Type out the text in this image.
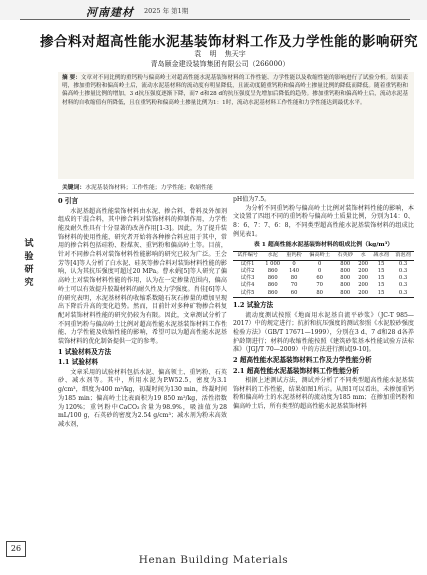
河南建材 2025 年 第1期
掺合料对超高性能水泥基装饰材料工作及力学性能的影响研究
袁 明 焦天宇
青岛颐金建设装饰集团有限公司（266000）
摘 要：文章对不同比例的重钙粉与偏高岭土对超高性能水泥基装饰材料的工作性能、力学性能以及收缩性能的影响进行了试验分析。结果表明，掺加重钙粉和偏高岭土后，流动水泥基材料的流动度有明显降低，且流动度随重钙粉和偏高岭土掺量比例的降低而降低。随着重钙粉和偏高岭土掺量比例的增加，3 d抗压强度逐渐下降，而7 d和28 d的抗压强度呈先增加后降低的趋势。掺加重钙粉和偏高岭土后，流动水泥基材料的自收缩值有所降低，且在重钙粉和偏高岭土掺量比例为1：1时，流动水泥基材料工作性能和力学性能达到最优水平。
关键词：水泥基装饰材料；工作性能；力学性能；收缩性能
试 验 研 究
0 引言
水泥基超高性能装饰材料由水泥、掺合料、骨料及外加剂组成的干混合料，其中掺合料对装饰材料的抑制作用，力学性能及耐久性具有十分显著的改善作用[1-3]。因此，为了提升装饰材料的使用性能，研究者开始将各种掺合料应用于其中，常用的掺合料包括硅粉、粉煤灰、重钙粉和偏高岭土等。目前，针对不同掺合料对装饰材料性能影响的研究已较为广泛。王会芳等[4]等人分析了白水泥、硅灰等掺合料对装饰材料性能的影响，认为其抗压强度可超过20 MPa。曹永娟[5]等人研究了偏高岭土对装饰材料性能的作用，认为在一定掺量范围内，偏高岭土可以有效提升胶凝材料的耐久性及力学强度。肖佳[6]等人的研究表明，水泥基材料的收缩系数随石灰石掺量的增加呈现出下降后升高的变化趋势。然而，目前针对多种矿物掺合料复配对装饰材料性能的研究仍较为有限。因此，文章测试分析了不同重钙粉与偏高岭土比例对超高性能水泥基装饰材料工作性能、力学性能及收缩性能的影响，希望可以为超高性能水泥基装饰材料的优化制备提供一定的参考。
1 试验材料及方法
1.1 试验材料
文章采用的试验材料包括水泥、偏高领土、重钙粉、石英砂、减水剂等。其中，所用水泥为P.W52.5，密度为3.1 g/cm³，细度为400 m²/kg，初凝时间为130 min，终凝时间为185 min；偏高岭土比表面积为19 850 m²/kg，活性指数为120%；重钙粉中CaCO₃含量为98.9%，吸油值为28 mL/100 g，石英砂的密度为2.54 g/cm³；减水剂为粉末高效减水剂，
pH值为7.5。
为分析不同重钙粉与偏高岭土比例对装饰材料性能的影响，本文设置了四组不同的重钙粉与偏高岭土质量比例，分别为14：0、8：6、7：7、6：8，不同类型超高性能水泥基装饰材料的组成比例见表1。
表 1 超高性能水泥基装饰材料的组成比例（kg/m³）
试件编号	水泥	重钙粉	偏高岭土	石英砂	水	减水剂	消泡剂
试件1	1 000	0	0	800	200	15	0.3
试件2	860	140	0	800	200	15	0.3
试件3	860	80	60	800	200	15	0.3
试件4	860	70	70	800	200	15	0.3
试件5	860	60	80	800	200	15	0.3
1.2 试验方法
流动度测试按照《地面用水泥基自流平砂浆》（JC-T 985—2017）中的规定进行；抗折和抗压强度的测试参照《水泥胶砂强度检验方法》（GB/T 17671—1999），分别在3 d、7 d和28 d各养护龄期进行；材料的收缩性能按照《建筑砂浆基本性能试验方法标准》（JGJ/T 70—2009）中的方法进行测试[9-10]。
2 超高性能水泥基装饰材料工作及力学性能分析
2.1 超高性能水泥基装饰材料工作性能分析
根据上述测试方法，测试并分析了不同类型超高性能水泥基装饰材料的工作性能，结果如图1所示。从图1可以看出，未掺加重钙粉和偏高岭土的水泥基材料的流动度为185 mm；在掺加重钙粉和偏高岭土后，所有类型的超高性能水泥基装饰材料
26
Henan Building Materials
